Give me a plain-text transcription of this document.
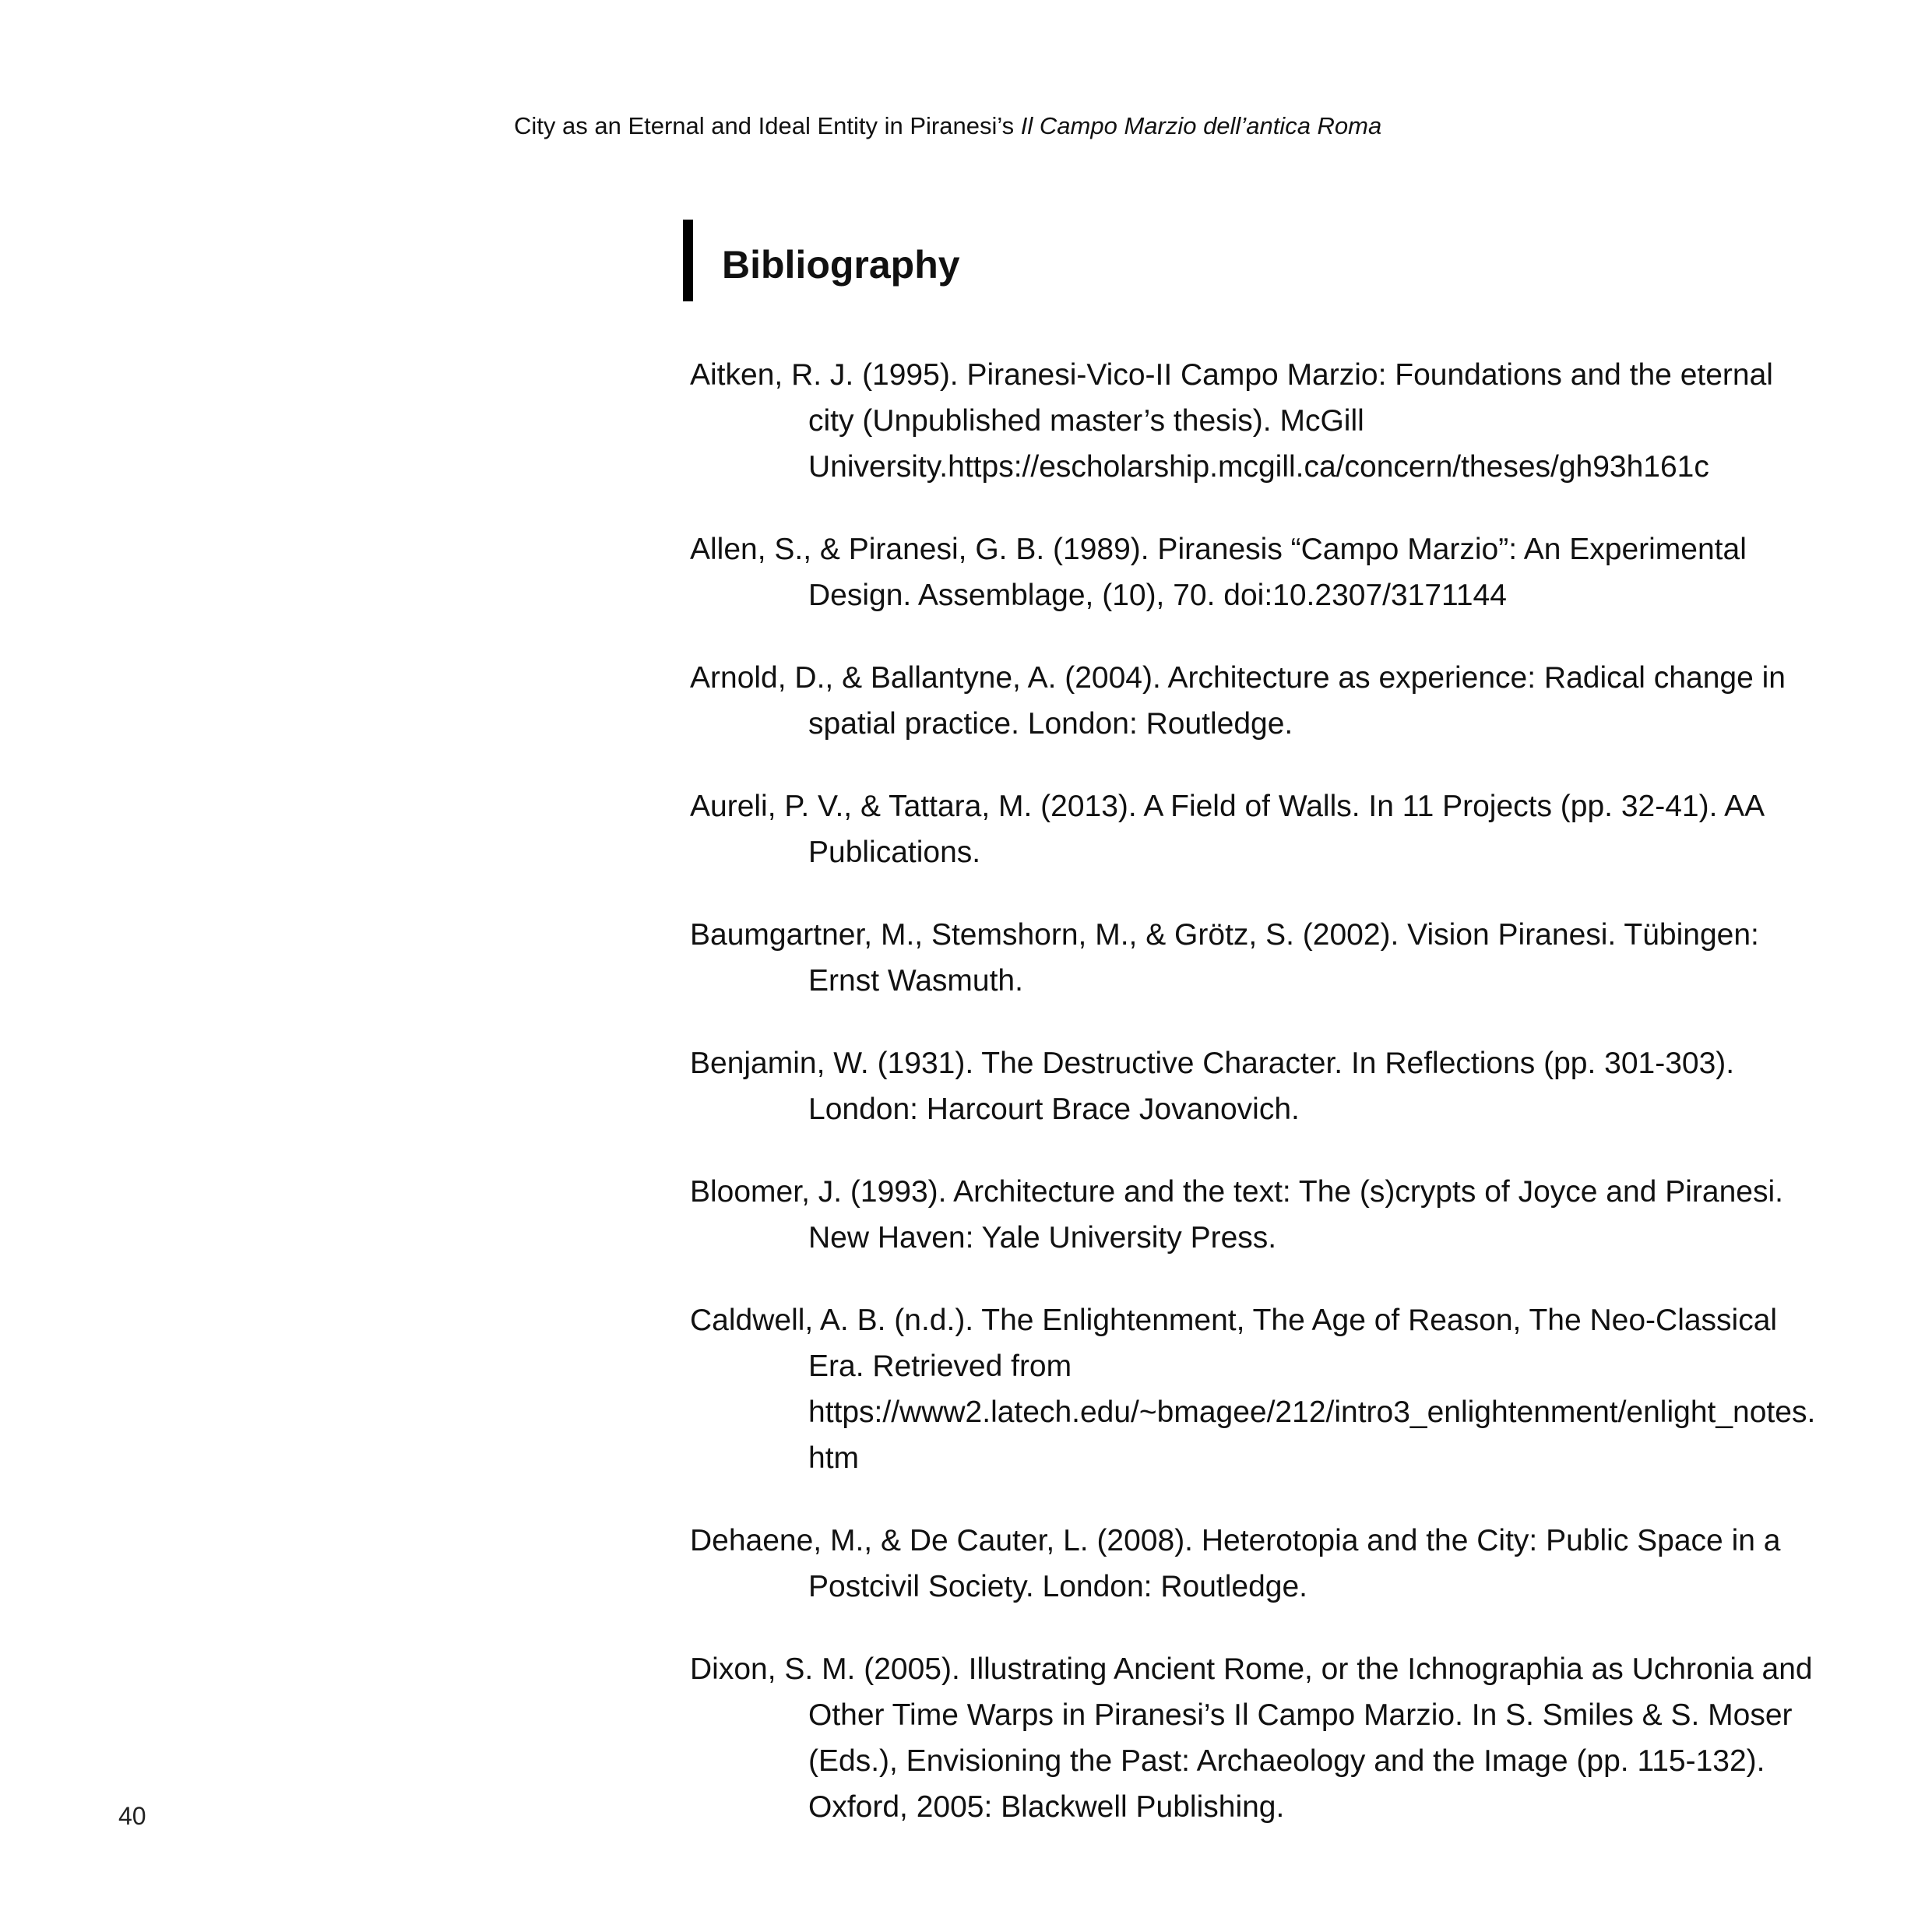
City as an Eternal and Ideal Entity in Piranesi’s Il Campo Marzio dell’antica Roma
Bibliography
Aitken, R. J. (1995). Piranesi-Vico-II Campo Marzio: Foundations and the eternal city (Unpublished master’s thesis). McGill University.https://escholarship.mcgill.ca/concern/theses/gh93h161c
Allen, S., & Piranesi, G. B. (1989). Piranesis “Campo Marzio”: An Experimental Design. Assemblage, (10), 70. doi:10.2307/3171144
Arnold, D., & Ballantyne, A. (2004). Architecture as experience: Radical change in spatial practice. London: Routledge.
Aureli, P. V., & Tattara, M. (2013). A Field of Walls. In 11 Projects (pp. 32-41). AA Publications.
Baumgartner, M., Stemshorn, M., & Grötz, S. (2002). Vision Piranesi. Tübingen: Ernst Wasmuth.
Benjamin, W. (1931). The Destructive Character. In Reflections (pp. 301-303). London: Harcourt Brace Jovanovich.
Bloomer, J. (1993). Architecture and the text: The (s)crypts of Joyce and Piranesi. New Haven: Yale University Press.
Caldwell, A. B. (n.d.). The Enlightenment, The Age of Reason, The Neo-Classical Era. Retrieved from https://www2.latech.edu/~bmagee/212/intro3_enlightenment/enlight_notes.htm
Dehaene, M., & De Cauter, L. (2008). Heterotopia and the City: Public Space in a Postcivil Society. London: Routledge.
Dixon, S. M. (2005). Illustrating Ancient Rome, or the Ichnographia as Uchronia and Other Time Warps in Piranesi’s Il Campo Marzio. In S. Smiles & S. Moser (Eds.), Envisioning the Past: Archaeology and the Image (pp. 115-132). Oxford, 2005: Blackwell Publishing.
40
